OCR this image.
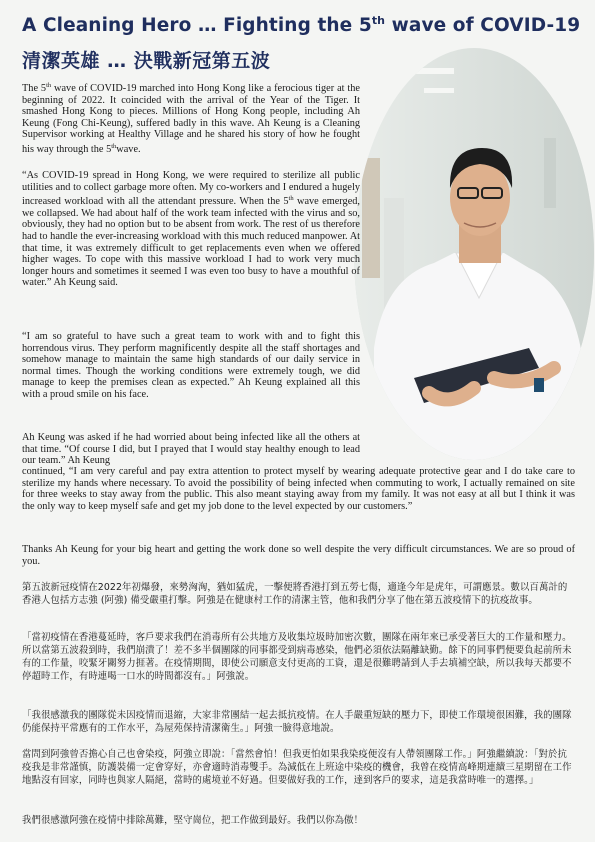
A Cleaning Hero … Fighting the 5th wave of COVID-19
清潔英雄 … 決戰新冠第五波
The 5th wave of COVID-19 marched into Hong Kong like a ferocious tiger at the beginning of 2022. It coincided with the arrival of the Year of the Tiger. It smashed Hong Kong to pieces. Millions of Hong Kong people, including Ah Keung (Fong Chi-Keung), suffered badly in this wave. Ah Keung is a Cleaning Supervisor working at Healthy Village and he shared his story of how he fought his way through the 5thwave.
“As COVID-19 spread in Hong Kong, we were required to sterilize all public utilities and to collect garbage more often. My co-workers and I endured a hugely increased workload with all the attendant pressure. When the 5th wave emerged, we collapsed. We had about half of the work team infected with the virus and so, obviously, they had no option but to be absent from work. The rest of us therefore had to handle the ever-increasing workload with this much reduced manpower. At that time, it was extremely difficult to get replacements even when we offered higher wages. To cope with this massive workload I had to work very much longer hours and sometimes it seemed I was even too busy to have a mouthful of water.” Ah Keung said.
“I am so grateful to have such a great team to work with and to fight this horrendous virus. They perform magnificently despite all the staff shortages and somehow manage to maintain the same high standards of our daily service in normal times. Though the working conditions were extremely tough, we did manage to keep the premises clean as expected.” Ah Keung explained all this with a proud smile on his face.
Ah Keung was asked if he had worried about being infected like all the others at that time. “Of course I did, but I prayed that I would stay healthy enough to lead our team.” Ah Keung
continued, “I am very careful and pay extra attention to protect myself by wearing adequate protective gear and I do take care to sterilize my hands where necessary. To avoid the possibility of being infected when commuting to work, I actually remained on site for three weeks to stay away from the public. This also meant staying away from my family. It was not easy at all but I think it was the only way to keep myself safe and get my job done to the level expected by our customers.”
Thanks Ah Keung for your big heart and getting the work done so well despite the very difficult circumstances. We are so proud of you.
第五波新冠疫情在2022年初爆發，來勢洶洶，猶如猛虎，一擊便將香港打到五勞七傷，適逢今年是虎年，可謂應景。數以百萬計的香港人包括方志強 (阿強) 備受嚴重打擊。阿強是在健康村工作的清潔主管，他和我們分享了他在第五波疫情下的抗疫故事。
「當初疫情在香港蔓延時，客戶要求我們在消毒所有公共地方及收集垃圾時加密次數，團隊在兩年來已承受著巨大的工作量和壓力。所以當第五波殺到時，我們崩潰了！差不多半個團隊的同事都受到病毒感染，他們必須依法隔離缺勤。餘下的同事們便要負起前所未有的工作量，咬緊牙關努力捱著。在疫情期間，即使公司願意支付更高的工資，還是很難聘請到人手去填補空缺，所以我每天都要不停超時工作，有時連喝一口水的時間都沒有。」阿強說。
「我很感激我的團隊從未因疫情而退縮，大家非常團結一起去抵抗疫情。在人手嚴重短缺的壓力下，即使工作環境很困難，我的團隊仍能保持平常應有的工作水平，為屋苑保持清潔衛生。」阿強一臉得意地說。
當問到阿強曾否擔心自己也會染疫，阿強立即說：「當然會怕！但我更怕如果我染疫便沒有人帶領團隊工作。」阿強繼續說：「對於抗疫我是非常謹慎，防護裝備一定會穿好，亦會適時消毒雙手。為減低在上班途中染疫的機會，我曾在疫情高峰期連續三星期留在工作地點沒有回家，同時也與家人隔絕，當時的處境並不好過。但要做好我的工作，達到客戶的要求，這是我當時唯一的選擇。」
我們很感激阿強在疫情中排除萬難，堅守崗位，把工作做到最好。我們以你為傲！
